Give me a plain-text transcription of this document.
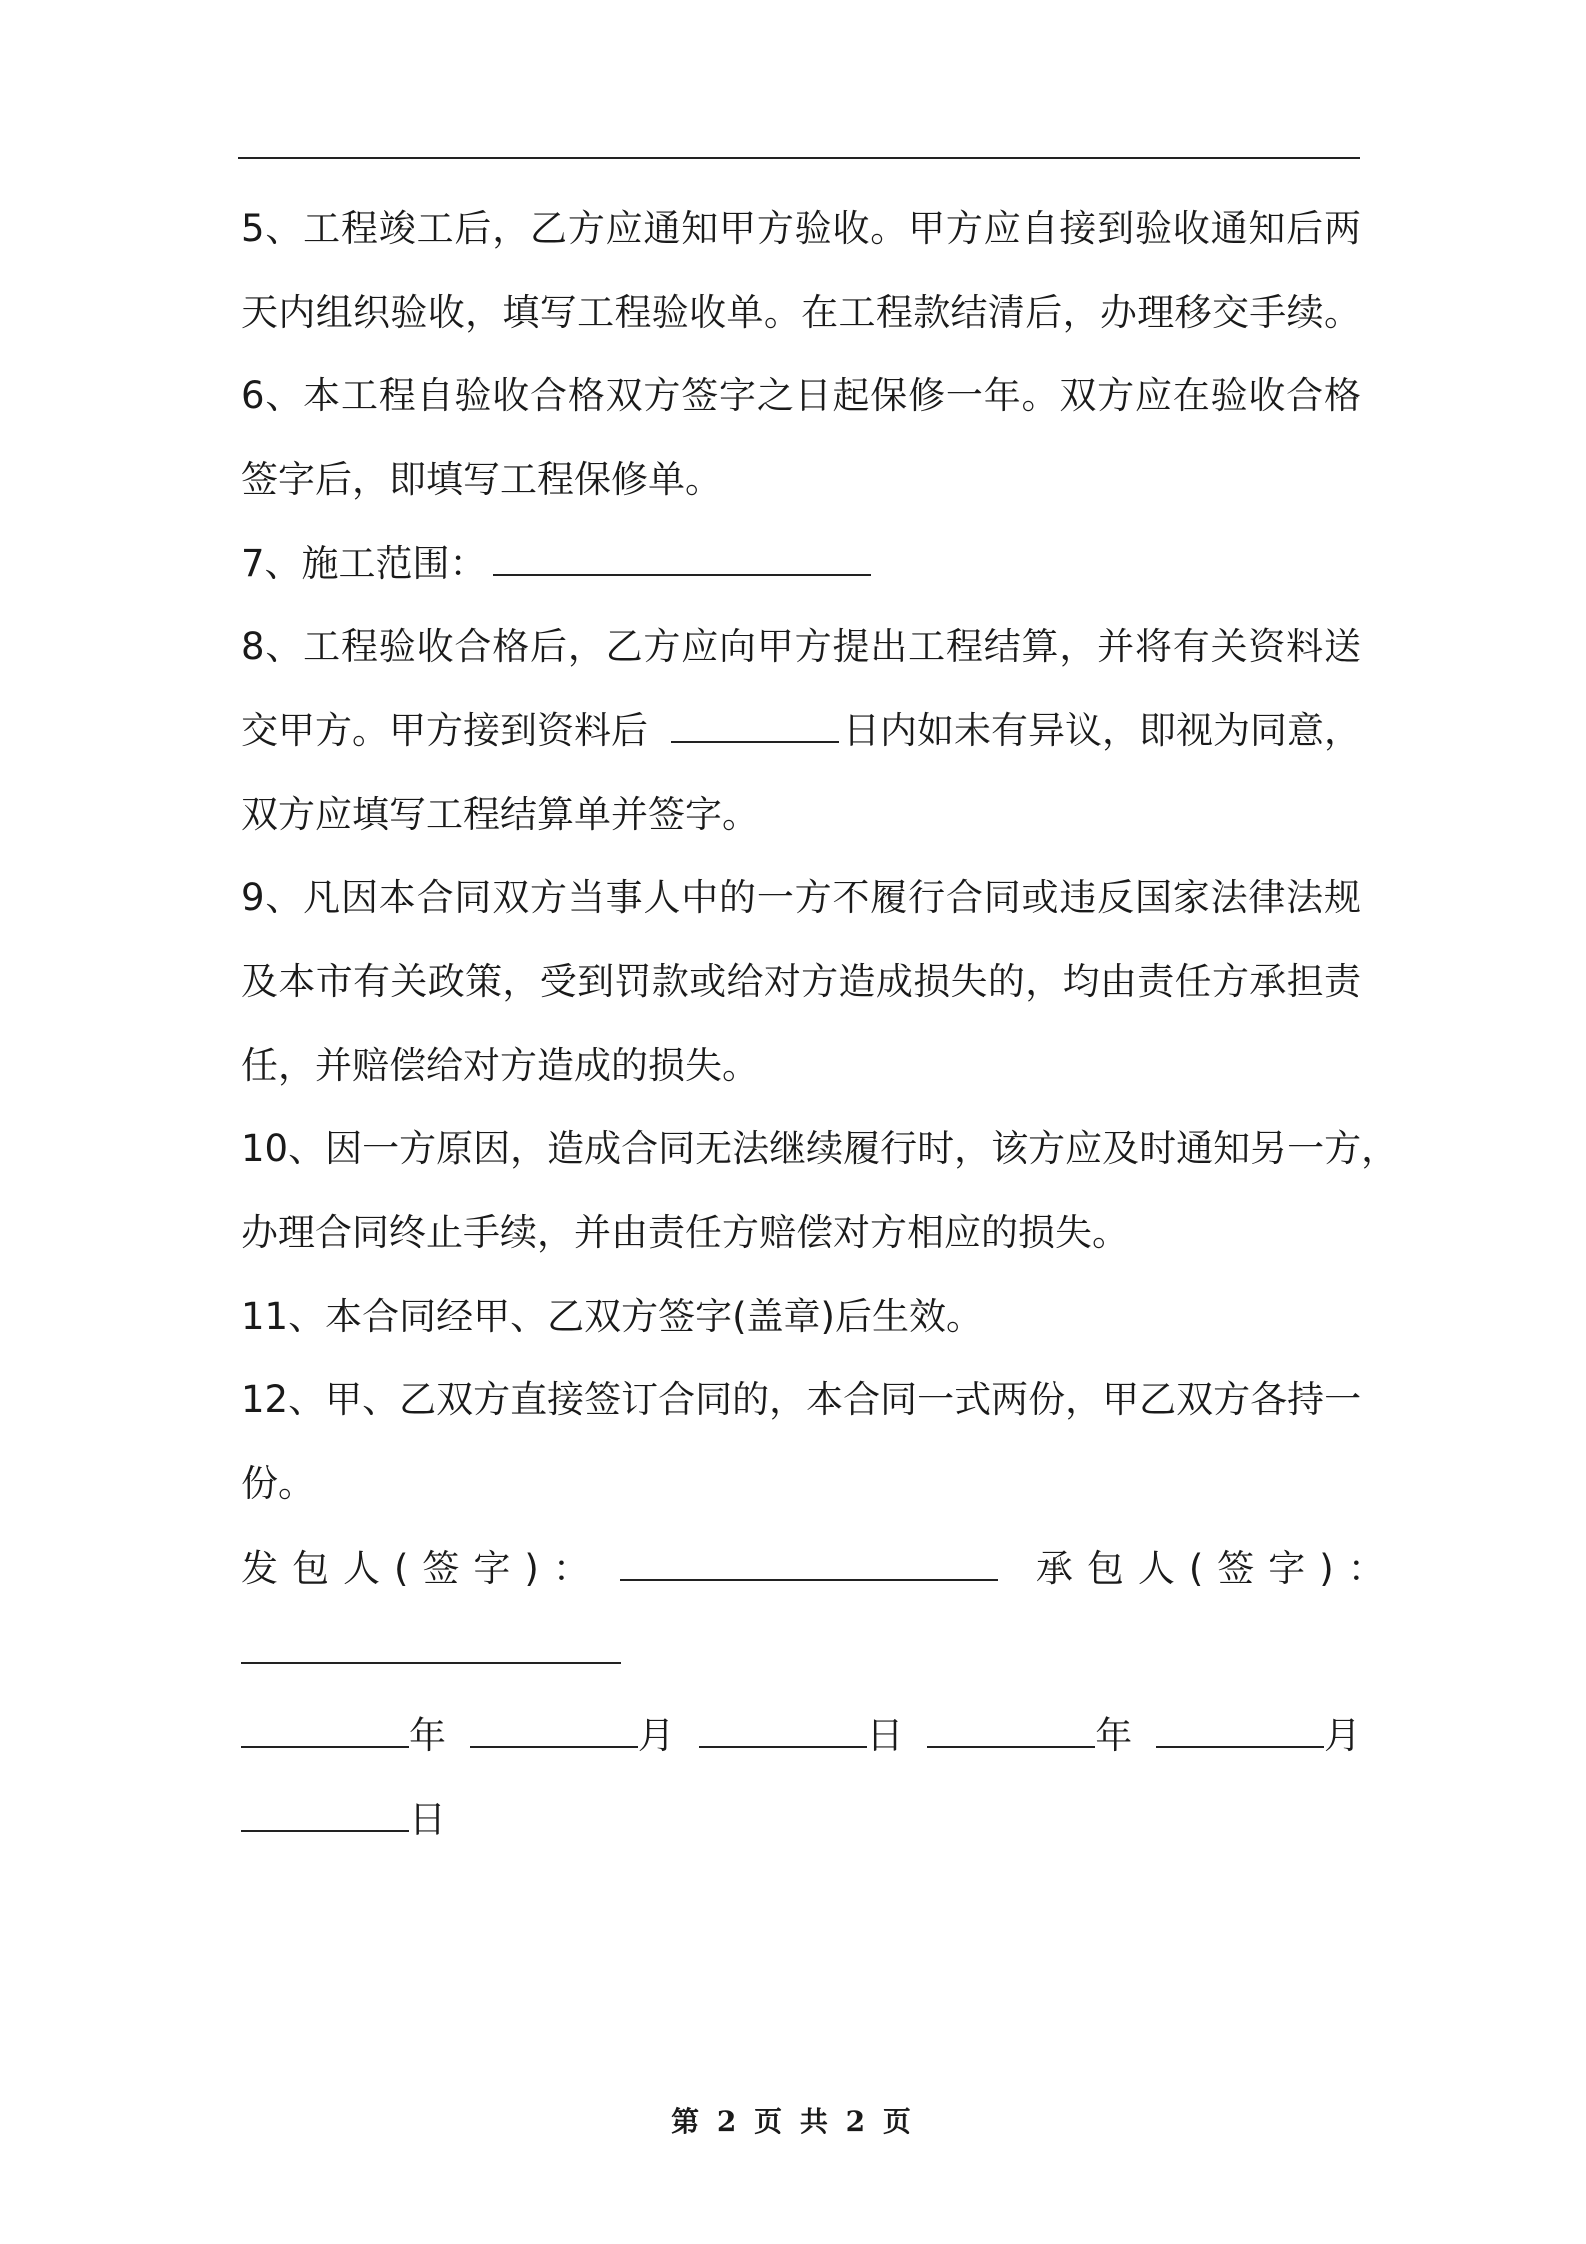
5、工程竣工后，乙方应通知甲方验收。甲方应自接到验收通知后两
天内组织验收，填写工程验收单。在工程款结清后，办理移交手续。
6、本工程自验收合格双方签字之日起保修一年。双方应在验收合格
签字后，即填写工程保修单。
7、施工范围：
8、工程验收合格后，乙方应向甲方提出工程结算，并将有关资料送
交甲方。甲方接到资料后	日内如未有异议，即视为同意，
双方应填写工程结算单并签字。
9、凡因本合同双方当事人中的一方不履行合同或违反国家法律法规
及本市有关政策，受到罚款或给对方造成损失的，均由责任方承担责
任，并赔偿给对方造成的损失。
10、因一方原因，造成合同无法继续履行时，该方应及时通知另一方，
办理合同终止手续，并由责任方赔偿对方相应的损失。
11、本合同经甲、乙双方签字(盖章)后生效。
12、甲、乙双方直接签订合同的，本合同一式两份，甲乙双方各持一
份。
发包人(签字)：	承包人(签字)：
年	月	日	年	月
日
第 2 页 共 2 页
